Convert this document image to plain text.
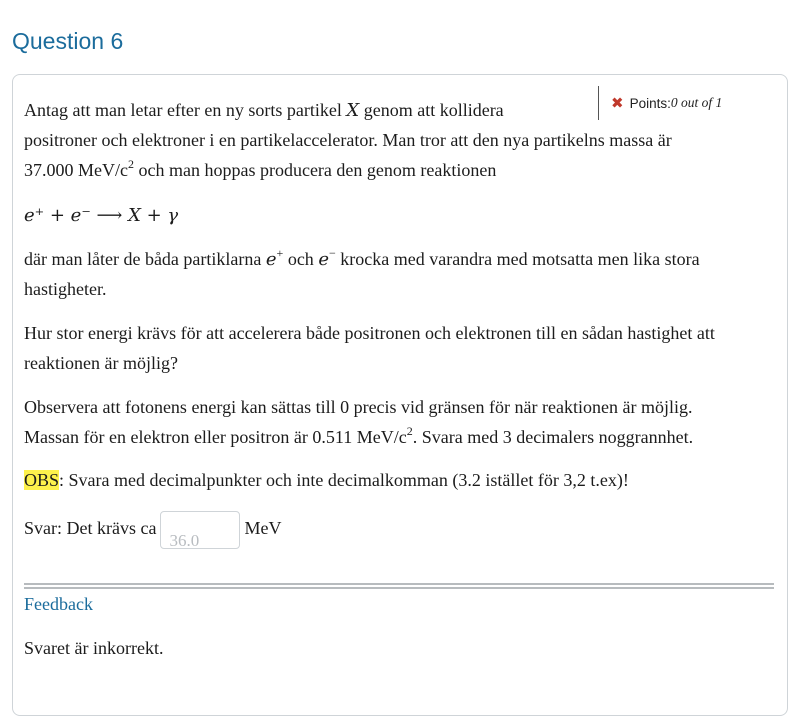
Question 6
✖ Points: 0 out of 1
Antag att man letar efter en ny sorts partikel X genom att kollidera
positroner och elektroner i en partikelaccelerator. Man tror att den nya partikelns massa är
37.000 MeV/$c^2$ och man hoppas producera den genom reaktionen
e⁺ + e⁻ ⟶ X + γ
där man låter de båda partiklarna e+ och e− krocka med varandra med motsatta men lika stora
hastigheter.
Hur stor energi krävs för att accelerera både positronen och elektronen till en sådan hastighet att
reaktionen är möjlig?
Observera att fotonens energi kan sättas till 0 precis vid gränsen för när reaktionen är möjlig.
Massan för en elektron eller positron är 0.511 MeV/$c^2$. Svara med 3 decimalers noggrannhet.
OBS: Svara med decimalpunkter och inte decimalkomman (3.2 istället för 3,2 t.ex)!
Svar: Det krävs ca36.0MeV
Feedback
Svaret är inkorrekt.
